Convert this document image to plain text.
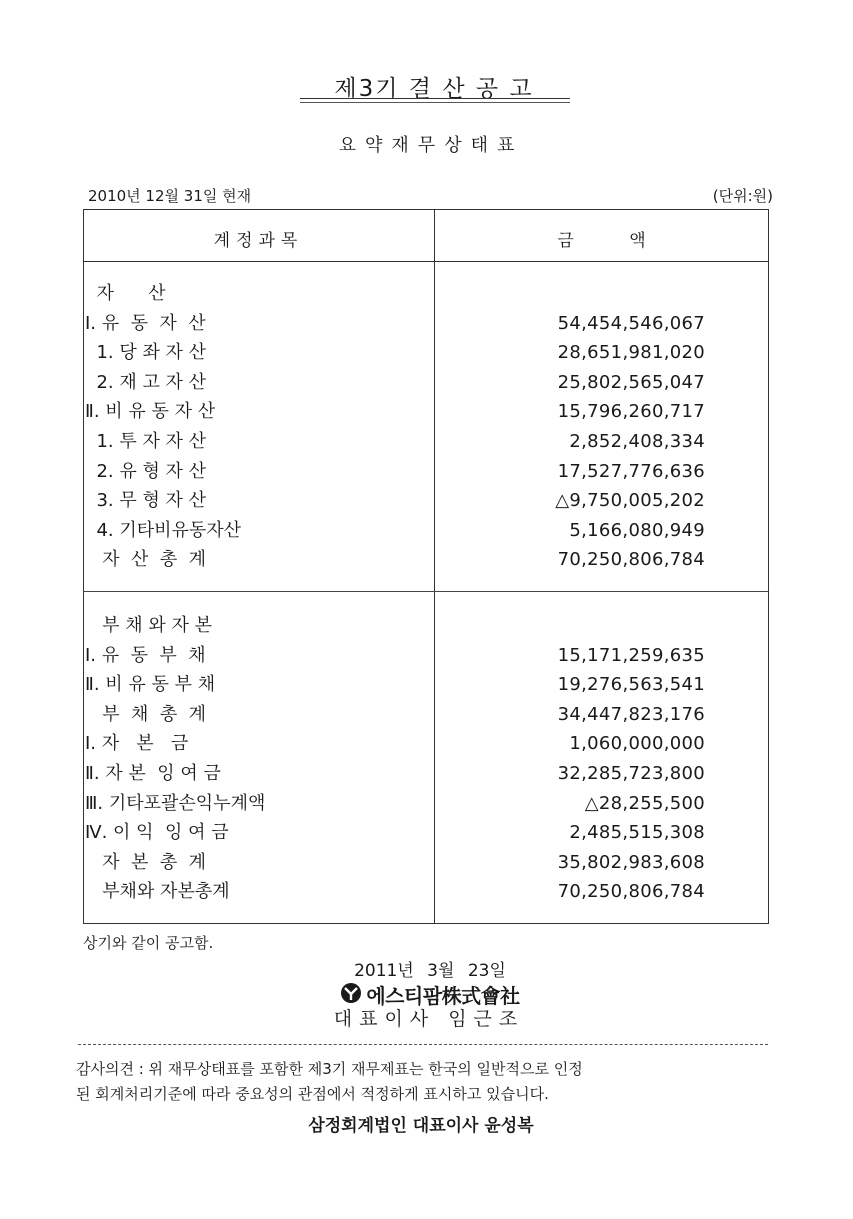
제3기 결 산 공 고
요약재무상태표
2010년 12월 31일 현재	(단위:원)
계정과목	금 액
자      산
Ⅰ. 유  동  자  산	54,454,546,067
1. 당 좌 자 산	28,651,981,020
2. 재 고 자 산	25,802,565,047
Ⅱ. 비 유 동 자 산	15,796,260,717
1. 투 자 자 산	2,852,408,334
2. 유 형 자 산	17,527,776,636
3. 무 형 자 산	△9,750,005,202
4. 기타비유동자산	5,166,080,949
자  산  총  계	70,250,806,784
부 채 와 자 본
Ⅰ. 유  동  부  채	15,171,259,635
Ⅱ. 비 유 동 부 채	19,276,563,541
부  채  총  계	34,447,823,176
Ⅰ. 자   본   금	1,060,000,000
Ⅱ. 자 본  잉 여 금	32,285,723,800
Ⅲ. 기타포괄손익누계액	△28,255,500
Ⅳ. 이 익  잉 여 금	2,485,515,308
자  본  총  계	35,802,983,608
부채와 자본총계	70,250,806,784
상기와 같이 공고함.
2011년 3월 23일
에스티팜株式會社
대표이사 임근조
감사의견 : 위 재무상태표를 포함한 제3기 재무제표는 한국의 일반적으로 인정
된 회계처리기준에 따라 중요성의 관점에서 적정하게 표시하고 있습니다.
삼정회계법인 대표이사 윤성복
